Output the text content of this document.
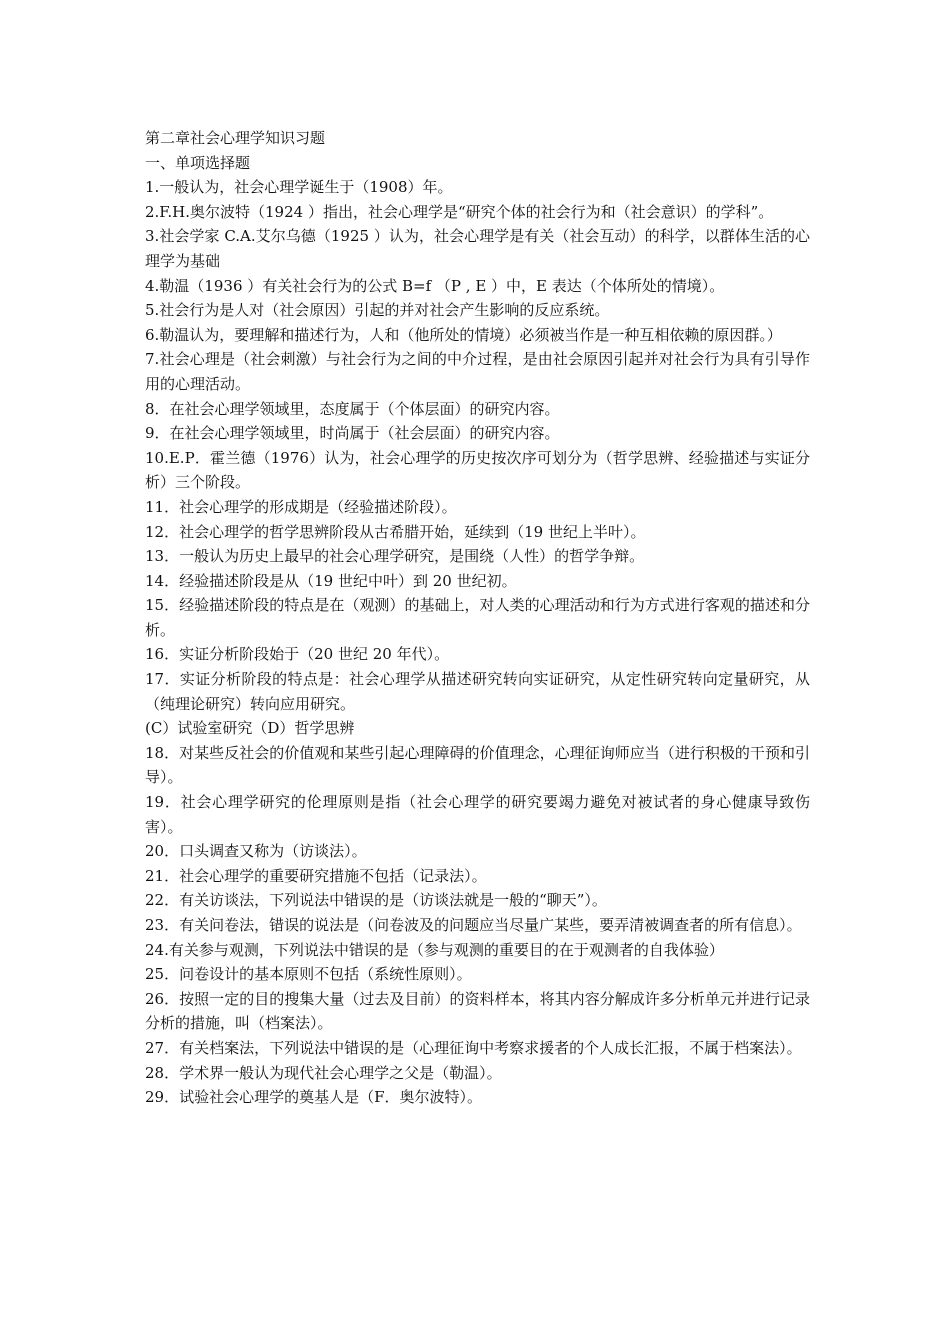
第二章社会心理学知识习题
一、单项选择题
1.一般认为，社会心理学诞生于（1908）年。
2.F.H.奥尔波特（1924 ）指出，社会心理学是“研究个体的社会行为和（社会意识）的学科”。
3.社会学家 C.A.艾尔乌德（1925 ）认为，社会心理学是有关（社会互动）的科学，以群体生活的心理学为基础
4.勒温（1936 ）有关社会行为的公式 B=f （P , E ）中，E 表达（个体所处的情境）。
5.社会行为是人对（社会原因）引起的并对社会产生影响的反应系统。
6.勒温认为，要理解和描述行为，人和（他所处的情境）必须被当作是一种互相依赖的原因群。）
7.社会心理是（社会刺激）与社会行为之间的中介过程，是由社会原因引起并对社会行为具有引导作用的心理活动。
8．在社会心理学领域里，态度属于（个体层面）的研究内容。
9．在社会心理学领域里，时尚属于（社会层面）的研究内容。
10.E.P．霍兰德（1976）认为，社会心理学的历史按次序可划分为（哲学思辨、经验描述与实证分析）三个阶段。
11．社会心理学的形成期是（经验描述阶段）。
12．社会心理学的哲学思辨阶段从古希腊开始，延续到（19 世纪上半叶）。
13．一般认为历史上最早的社会心理学研究，是围绕（人性）的哲学争辩。
14．经验描述阶段是从（19 世纪中叶）到 20 世纪初。
15．经验描述阶段的特点是在（观测）的基础上，对人类的心理活动和行为方式进行客观的描述和分析。
16．实证分析阶段始于（20 世纪 20 年代）。
17．实证分析阶段的特点是：社会心理学从描述研究转向实证研究，从定性研究转向定量研究，从（纯理论研究）转向应用研究。
(C）试验室研究（D）哲学思辨
18．对某些反社会的价值观和某些引起心理障碍的价值理念，心理征询师应当（进行积极的干预和引导）。
19．社会心理学研究的伦理原则是指（社会心理学的研究要竭力避免对被试者的身心健康导致伤害）。
20．口头调查又称为（访谈法）。
21．社会心理学的重要研究措施不包括（记录法）。
22．有关访谈法，下列说法中错误的是（访谈法就是一般的“聊天”）。
23．有关问卷法，错误的说法是（问卷波及的问题应当尽量广某些，要弄清被调查者的所有信息）。
24.有关参与观测，下列说法中错误的是（参与观测的重要目的在于观测者的自我体验）
25．问卷设计的基本原则不包括（系统性原则）。
26．按照一定的目的搜集大量（过去及目前）的资料样本，将其内容分解成许多分析单元并进行记录分析的措施，叫（档案法）。
27．有关档案法，下列说法中错误的是（心理征询中考察求援者的个人成长汇报，不属于档案法）。
28．学术界一般认为现代社会心理学之父是（勒温）。
29．试验社会心理学的奠基人是（F．奥尔波特）。
